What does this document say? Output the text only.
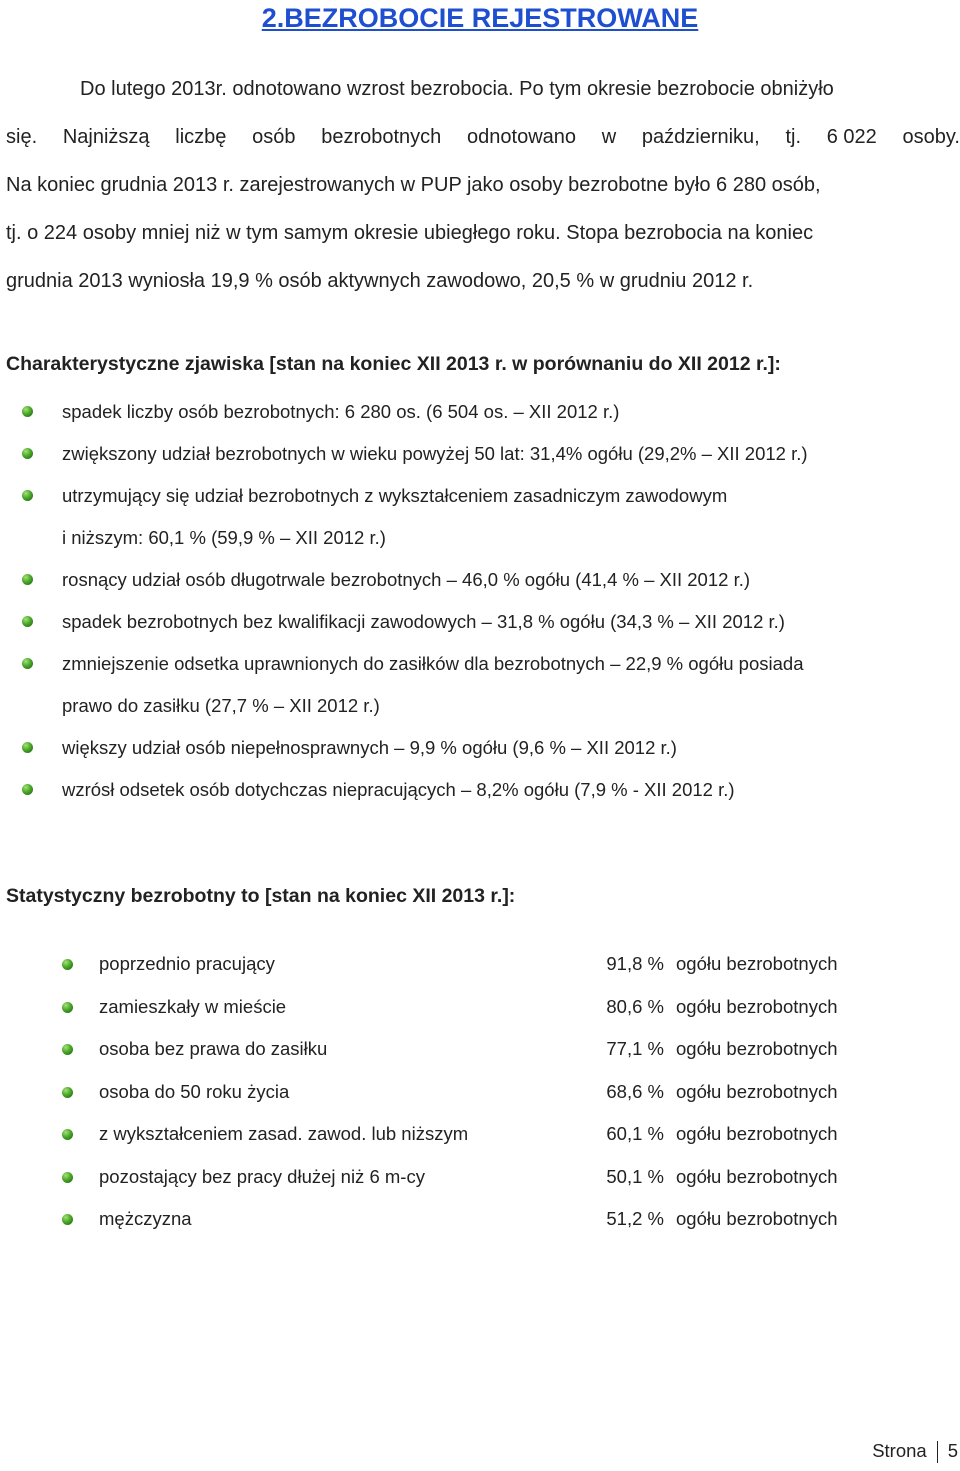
2.BEZROBOCIE REJESTROWANE
Do lutego 2013r. odnotowano wzrost bezrobocia. Po tym okresie bezrobocie obniżyło
się. Najniższą liczbę osób bezrobotnych odnotowano w październiku, tj. 6 022 osoby.
Na koniec grudnia 2013 r. zarejestrowanych w PUP jako osoby bezrobotne było 6 280 osób,
tj. o 224 osoby mniej niż w tym samym okresie ubiegłego roku. Stopa bezrobocia na koniec
grudnia 2013 wyniosła 19,9 % osób aktywnych zawodowo, 20,5 % w grudniu 2012 r.
Charakterystyczne zjawiska [stan na koniec XII 2013 r. w porównaniu do XII 2012 r.]:
spadek liczby osób bezrobotnych: 6 280 os. (6 504 os. – XII 2012 r.)
zwiększony udział bezrobotnych w wieku powyżej 50 lat: 31,4% ogółu (29,2% – XII 2012 r.)
utrzymujący się udział bezrobotnych z wykształceniem zasadniczym zawodowym
i niższym: 60,1 % (59,9 % – XII 2012 r.)
rosnący udział osób długotrwale bezrobotnych – 46,0 % ogółu (41,4 % – XII 2012 r.)
spadek bezrobotnych bez kwalifikacji zawodowych – 31,8 % ogółu (34,3 % – XII 2012 r.)
zmniejszenie odsetka uprawnionych do zasiłków dla bezrobotnych – 22,9 % ogółu posiada
prawo do zasiłku (27,7 % – XII 2012 r.)
większy udział osób niepełnosprawnych – 9,9 % ogółu (9,6 % – XII 2012 r.)
wzrósł odsetek osób dotychczas niepracujących – 8,2% ogółu (7,9 % - XII 2012 r.)
Statystyczny bezrobotny to [stan na koniec XII 2013 r.]:
poprzednio pracujący	91,8 % ogółu bezrobotnych
zamieszkały w mieście	80,6 % ogółu bezrobotnych
osoba bez prawa do zasiłku	77,1 % ogółu bezrobotnych
osoba do 50 roku życia	68,6 % ogółu bezrobotnych
z wykształceniem zasad. zawod. lub niższym	60,1 % ogółu bezrobotnych
pozostający bez pracy dłużej niż 6 m-cy	50,1 % ogółu bezrobotnych
mężczyzna	51,2 % ogółu bezrobotnych
Strona 5
